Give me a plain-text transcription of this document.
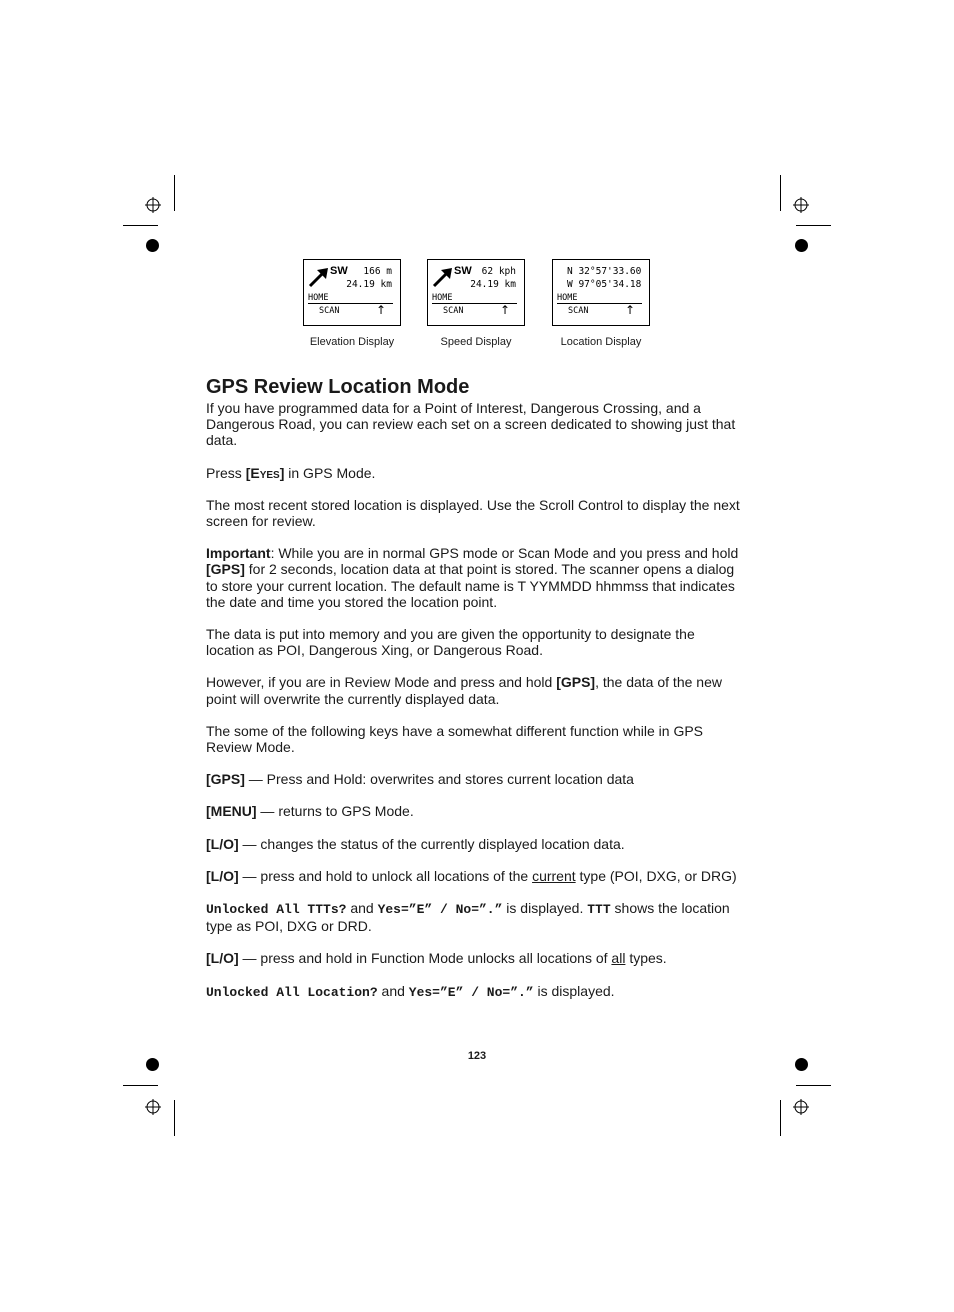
SW 166 m
24.19 km
HOME
SCAN	↑
Elevation Display
SW 62 kph
24.19 km
HOME
SCAN	↑
Speed Display
N 32°57'33.60
W 97°05'34.18
HOME
SCAN	↑
Location Display
GPS Review Location Mode

If you have programmed data for a Point of Interest, Dangerous Crossing, and a Dangerous Road, you can review each set on a screen dedicated to showing just that data.

Press [Eyes] in GPS Mode.

The most recent stored location is displayed. Use the Scroll Control to display the next screen for review.

Important: While you are in normal GPS mode or Scan Mode and you press and hold [GPS] for 2 seconds, location data at that point is stored. The scanner opens a dialog to store your current location. The default name is T YYMMDD hhmmss that indicates the date and time you stored the location point.

The data is put into memory and you are given the opportunity to designate the location as POI, Dangerous Xing, or Dangerous Road.

However, if you are in Review Mode and press and hold [GPS], the data of the new point will overwrite the currently displayed data.

The some of the following keys have a somewhat different function while in GPS Review Mode.

[GPS] — Press and Hold: overwrites and stores current location data

[MENU] — returns to GPS Mode.

[L/O] — changes the status of the currently displayed location data.

[L/O] — press and hold to unlock all locations of the current type (POI, DXG, or DRG)

Unlocked All TTTs? and Yes=”E” / No=”.” is displayed. TTT shows the location type as POI, DXG or DRD.

[L/O] — press and hold in Function Mode unlocks all locations of all types.

Unlocked All Location? and Yes=”E” / No=”.” is displayed.

123
